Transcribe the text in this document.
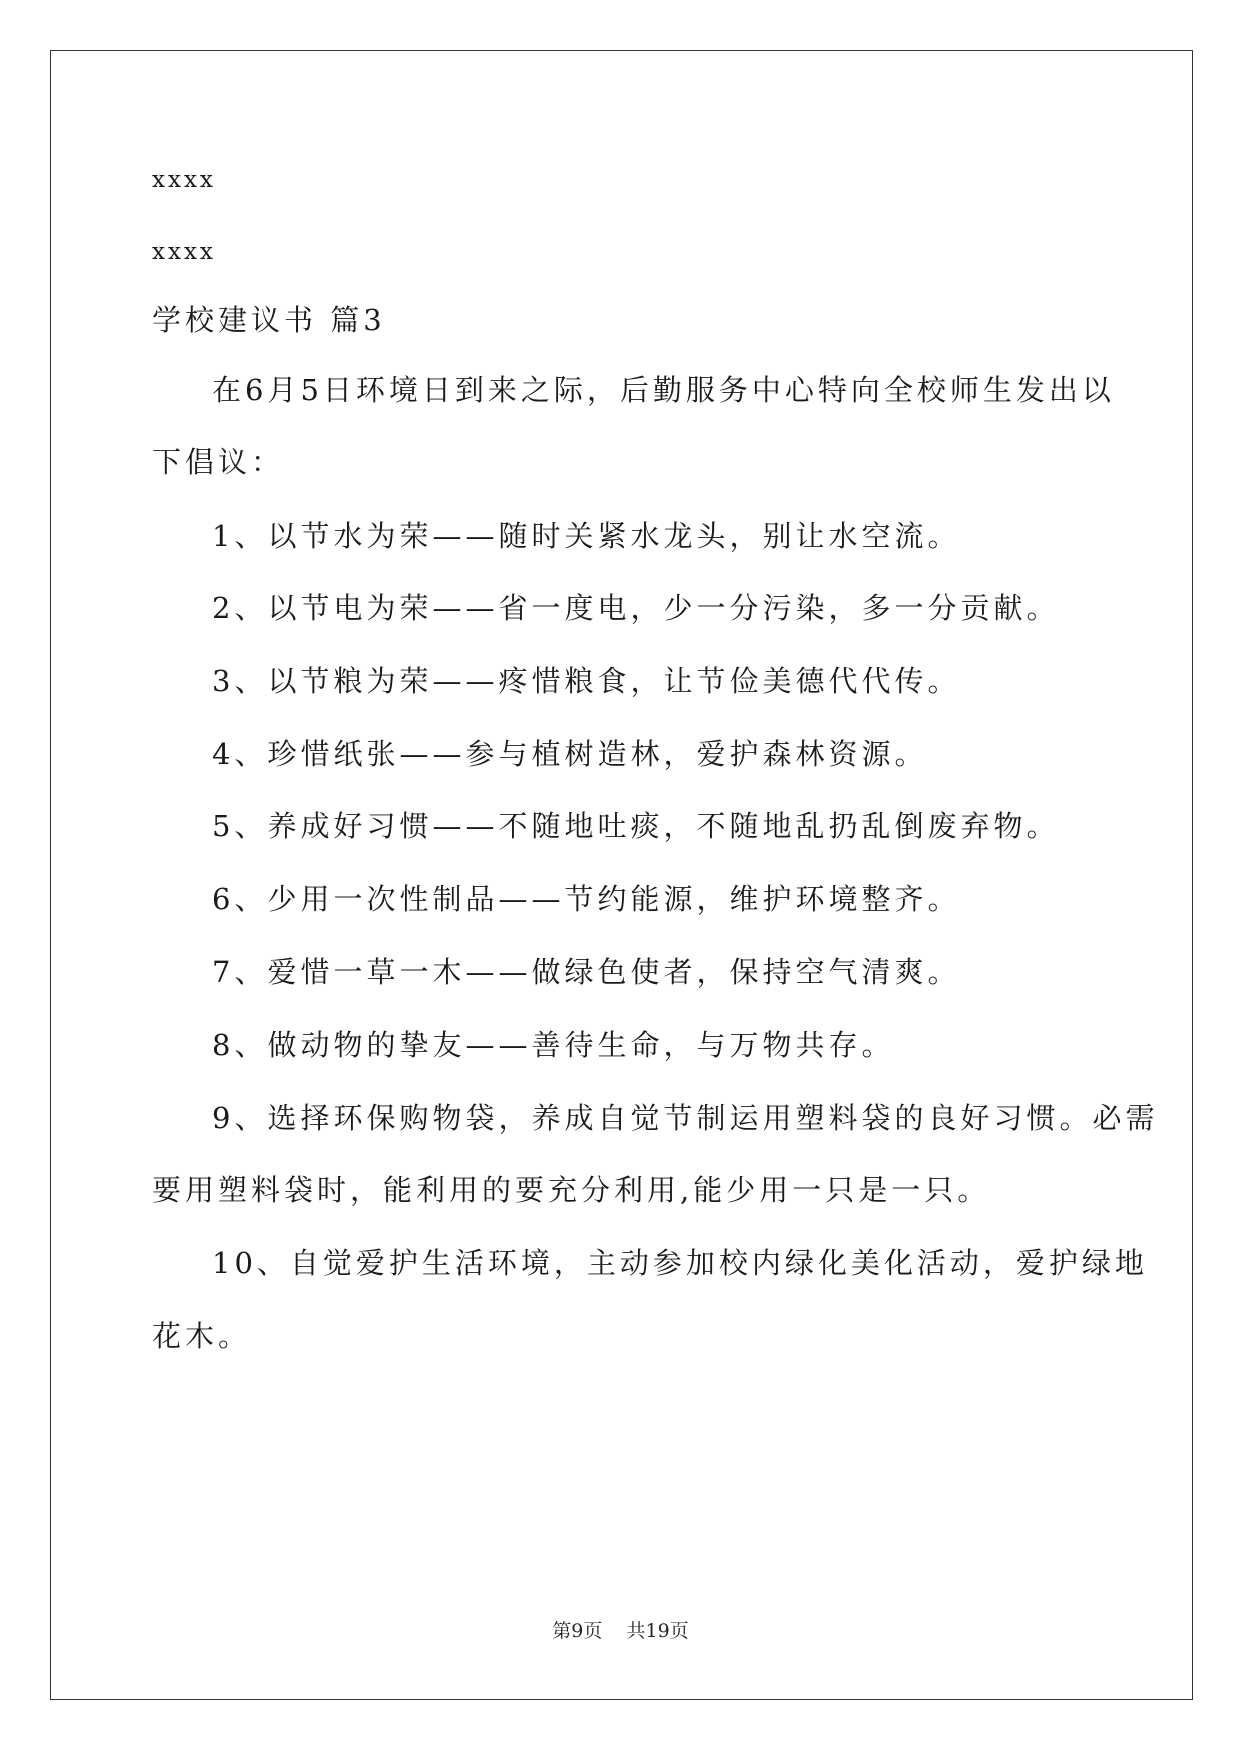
xxxx
xxxx
学校建议书 篇3
在6月5日环境日到来之际，后勤服务中心特向全校师生发出以
下倡议：
1、以节水为荣——随时关紧水龙头，别让水空流。
2、以节电为荣——省一度电，少一分污染，多一分贡献。
3、以节粮为荣——疼惜粮食，让节俭美德代代传。
4、珍惜纸张——参与植树造林，爱护森林资源。
5、养成好习惯——不随地吐痰，不随地乱扔乱倒废弃物。
6、少用一次性制品——节约能源，维护环境整齐。
7、爱惜一草一木——做绿色使者，保持空气清爽。
8、做动物的挚友——善待生命，与万物共存。
9、选择环保购物袋，养成自觉节制运用塑料袋的良好习惯。必需
要用塑料袋时，能利用的要充分利用,能少用一只是一只。
10、自觉爱护生活环境，主动参加校内绿化美化活动，爱护绿地
花木。
第9页    共19页
